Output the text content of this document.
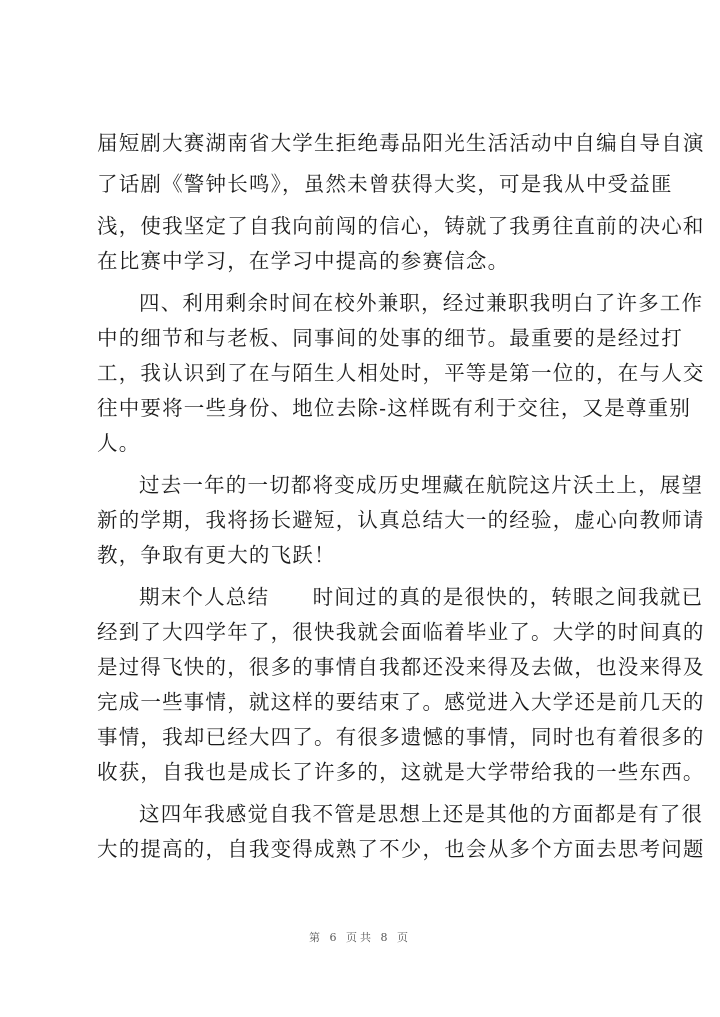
届短剧大赛湖南省大学生拒绝毒品阳光生活活动中自编自导自演
了话剧《警钟长鸣》，虽然未曾获得大奖，可是我从中受益匪
浅，使我坚定了自我向前闯的信心，铸就了我勇往直前的决心和
在比赛中学习，在学习中提高的参赛信念。
四、利用剩余时间在校外兼职，经过兼职我明白了许多工作
中的细节和与老板、同事间的处事的细节。最重要的是经过打
工，我认识到了在与陌生人相处时，平等是第一位的，在与人交
往中要将一些身份、地位去除-这样既有利于交往，又是尊重别
人。
过去一年的一切都将变成历史埋藏在航院这片沃土上，展望
新的学期，我将扬长避短，认真总结大一的经验，虚心向教师请
教，争取有更大的飞跃！
期末个人总结　　时间过的真的是很快的，转眼之间我就已
经到了大四学年了，很快我就会面临着毕业了。大学的时间真的
是过得飞快的，很多的事情自我都还没来得及去做，也没来得及
完成一些事情，就这样的要结束了。感觉进入大学还是前几天的
事情，我却已经大四了。有很多遗憾的事情，同时也有着很多的
收获，自我也是成长了许多的，这就是大学带给我的一些东西。
这四年我感觉自我不管是思想上还是其他的方面都是有了很
大的提高的，自我变得成熟了不少，也会从多个方面去思考问题
第 6 页共 8 页
